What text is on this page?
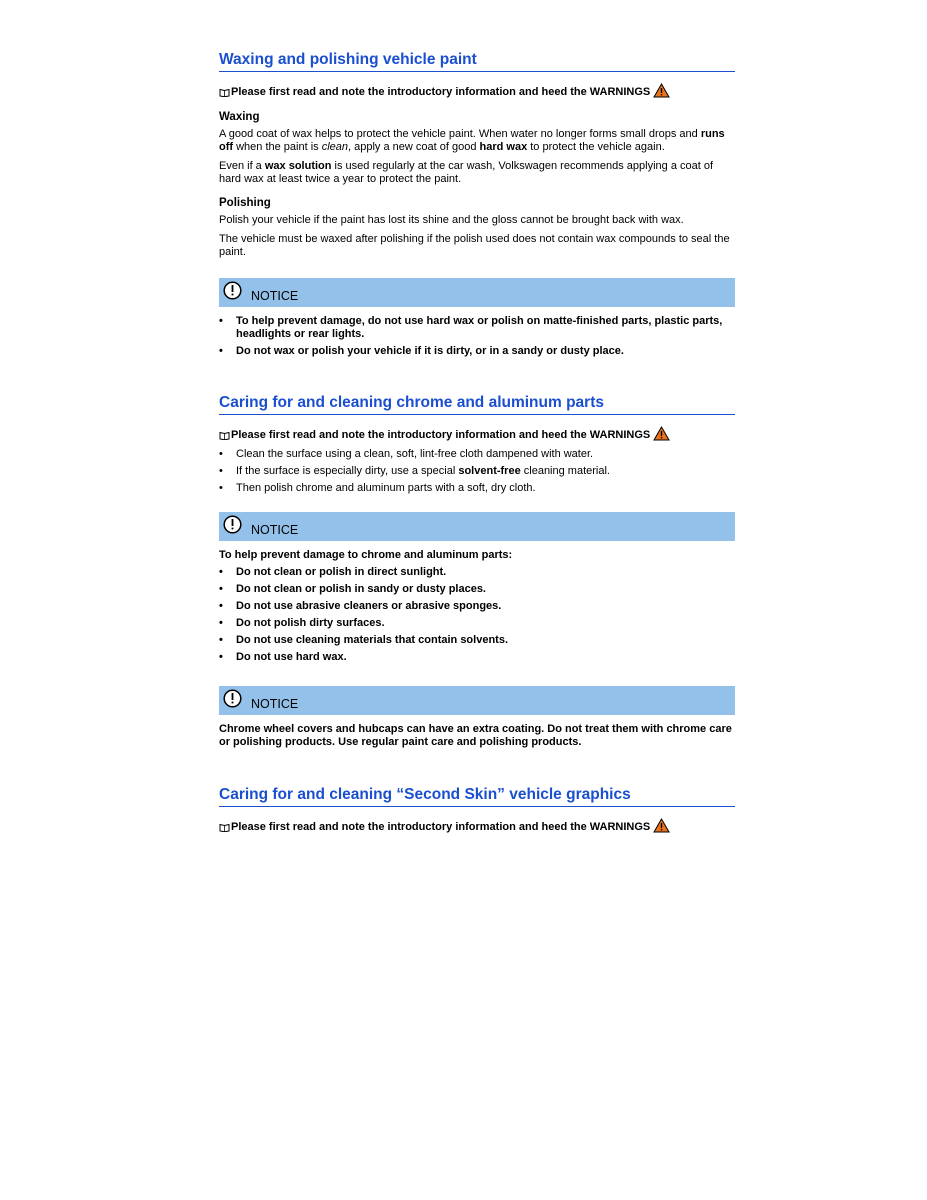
Waxing and polishing vehicle paint
Please first read and note the introductory information and heed the WARNINGS
Waxing

A good coat of wax helps to protect the vehicle paint. When water no longer forms small drops and runs off when the paint is clean, apply a new coat of good hard wax to protect the vehicle again.

Even if a wax solution is used regularly at the car wash, Volkswagen recommends applying a coat of hard wax at least twice a year to protect the paint.

Polishing

Polish your vehicle if the paint has lost its shine and the gloss cannot be brought back with wax.

The vehicle must be waxed after polishing if the polish used does not contain wax compounds to seal the paint.

NOTICE
• To help prevent damage, do not use hard wax or polish on matte-finished parts, plastic parts, headlights or rear lights.
• Do not wax or polish your vehicle if it is dirty, or in a sandy or dusty place.
Caring for and cleaning chrome and aluminum parts
Please first read and note the introductory information and heed the WARNINGS
• Clean the surface using a clean, soft, lint-free cloth dampened with water.
• If the surface is especially dirty, use a special solvent-free cleaning material.
• Then polish chrome and aluminum parts with a soft, dry cloth.
NOTICE

To help prevent damage to chrome and aluminum parts:

• Do not clean or polish in direct sunlight.
• Do not clean or polish in sandy or dusty places.
• Do not use abrasive cleaners or abrasive sponges.
• Do not polish dirty surfaces.
• Do not use cleaning materials that contain solvents.
• Do not use hard wax.
NOTICE

Chrome wheel covers and hubcaps can have an extra coating. Do not treat them with chrome care or polishing products. Use regular paint care and polishing products.

Caring for and cleaning “Second Skin” vehicle graphics
Please first read and note the introductory information and heed the WARNINGS
